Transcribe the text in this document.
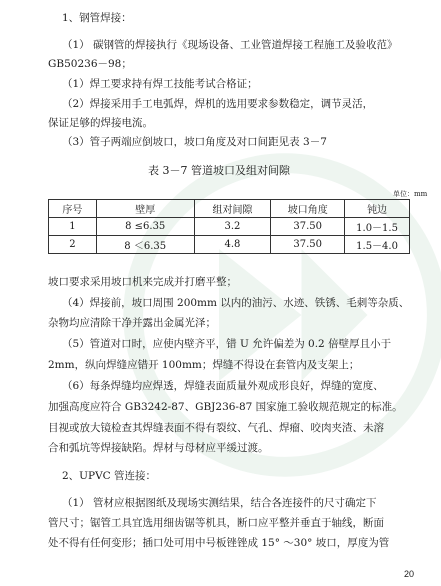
1、钢管焊接：
（1） 碳钢管的焊接执行《现场设备、工业管道焊接工程施工及验收范》
GB50236－98；
（1）焊工要求持有焊工技能考试合格证；
（2）焊接采用手工电弧焊，焊机的选用要求参数稳定，调节灵活，
保证足够的焊接电流。
（3）管子两端应倒坡口，坡口角度及对口间距见表 3－7
表 3－7 管道坡口及组对间隙
单位：mm
序号	壁厚	组对间隙	坡口角度	钝边
1	8 ≤6.35	3.2	37.50	1.0－1.5
2	8 ＜6.35	4.8	37.50	1.5－4.0
坡口要求采用坡口机来完成并打磨平整；
（4）焊接前，坡口周围 200mm 以内的油污、水迹、铁锈、毛刺等杂质、
杂物均应清除干净并露出金属光泽；
（5）管道对口时，应使内壁齐平，错 U 允许偏差为 0.2 倍壁厚且小于
2mm，纵向焊缝应错开 100mm；焊缝不得设在套管内及支架上；
（6）每条焊缝均应焊透，焊缝表面质量外观成形良好，焊缝的宽度、
加强高度应符合 GB3242-87、GBJ236-87 国家施工验收规范规定的标准。
目视或放大镜检查其焊缝表面不得有裂纹、气孔、焊瘤、咬肉夹渣、未溶
合和弧坑等焊接缺陷。焊材与母材应平缓过渡。
2、UPVC 管连接：
（1） 管材应根据图纸及现场实测结果，结合各连接件的尺寸确定下
管尺寸；锯管工具宜选用细齿锯等机具，断口应平整并垂直于轴线，断面
处不得有任何变形；插口处可用中号板锉锉成 15° ～30° 坡口，厚度为管
20
